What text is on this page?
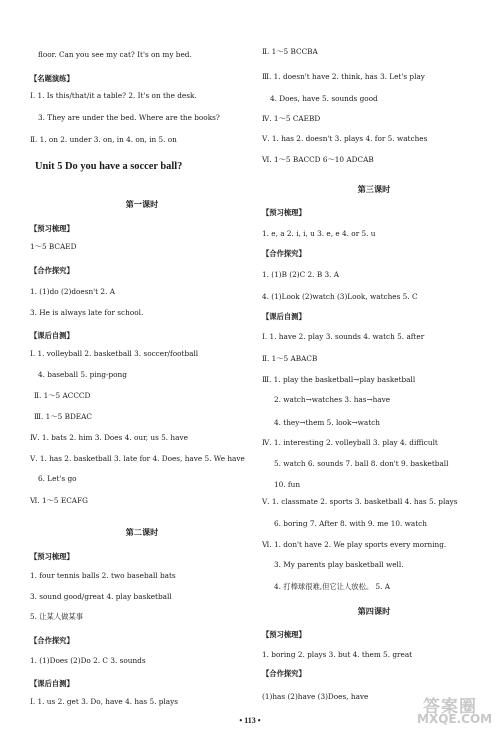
floor. Can you see my cat? It's on my bed.
【名题演练】
Ⅰ. 1. Is this/that/it a table? 2. It's on the desk.
3. They are under the bed. Where are the books?
Ⅱ. 1. on 2. under 3. on, in 4. on, in 5. on
Unit 5 Do you have a soccer ball?
第一课时
【预习梳理】
1～5 BCAED
【合作探究】
1. (1)do (2)doesn't 2. A
3. He is always late for school.
【课后自测】
Ⅰ. 1. volleyball 2. basketball 3. soccer/football
4. baseball 5. ping-pong
Ⅱ. 1～5 ACCCD
Ⅲ. 1～5 BDEAC
Ⅳ. 1. bats 2. him 3. Does 4. our, us 5. have
Ⅴ. 1. has 2. basketball 3. late for 4. Does, have 5. We have
6. Let's go
Ⅵ. 1～5 ECAFG
第二课时
【预习梳理】
1. four tennis balls 2. two baseball bats
3. sound good/great 4. play basketball
5. 让某人做某事
【合作探究】
1. (1)Does (2)Do 2. C 3. sounds
【课后自测】
Ⅰ. 1. us 2. get 3. Do, have 4. has 5. plays
Ⅱ. 1～5 BCCBA
Ⅲ. 1. doesn't have 2. think, has 3. Let's play
4. Does, have 5. sounds good
Ⅳ. 1～5 CAEBD
Ⅴ. 1. has 2. doesn't 3. plays 4. for 5. watches
Ⅵ. 1～5 BACCD 6～10 ADCAB
第三课时
【预习梳理】
1. e, a 2. i, i, u 3. e, e 4. or 5. u
【合作探究】
1. (1)B (2)C 2. B 3. A
4. (1)Look (2)watch (3)Look, watches 5. C
【课后自测】
Ⅰ. 1. have 2. play 3. sounds 4. watch 5. after
Ⅱ. 1～5 ABACB
Ⅲ. 1. play the basketball→play basketball
2. watch→watches 3. has→have
4. they→them 5. look→watch
Ⅳ. 1. interesting 2. volleyball 3. play 4. difficult
5. watch 6. sounds 7. ball 8. don't 9. basketball
10. fun
Ⅴ. 1. classmate 2. sports 3. basketball 4. has 5. plays
6. boring 7. After 8. with 9. me 10. watch
Ⅵ. 1. don't have 2. We play sports every morning.
3. My parents play basketball well.
4. 打棒球很难,但它让人放松。 5. A
第四课时
【预习梳理】
1. boring 2. plays 3. but 4. them 5. great
【合作探究】
(1)has (2)have (3)Does, have
• 113 •
答案圈
MXQE.COM
